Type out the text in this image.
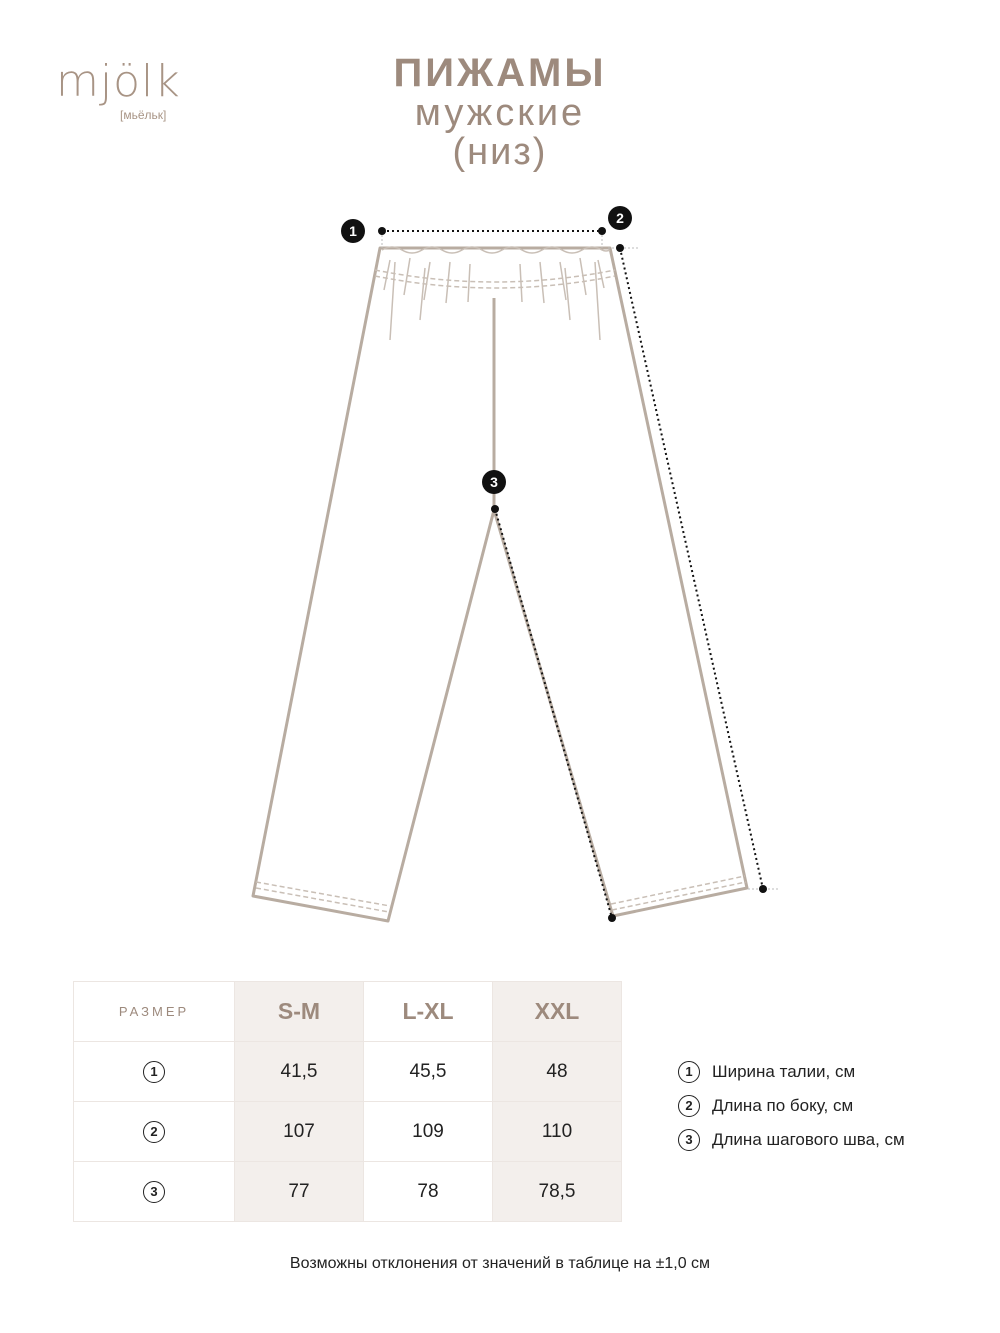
mjölk
[мьёльк]
ПИЖАМЫ
мужские
(низ)
1
2
3
РАЗМЕР	S-M	L-XL	XXL
1	41,5	45,5	48
2	107	109	110
3	77	78	78,5
1	Ширина талии, см
2	Длина по боку, см
3	Длина шагового шва, см
Возможны отклонения от значений в таблице на ±1,0 см
